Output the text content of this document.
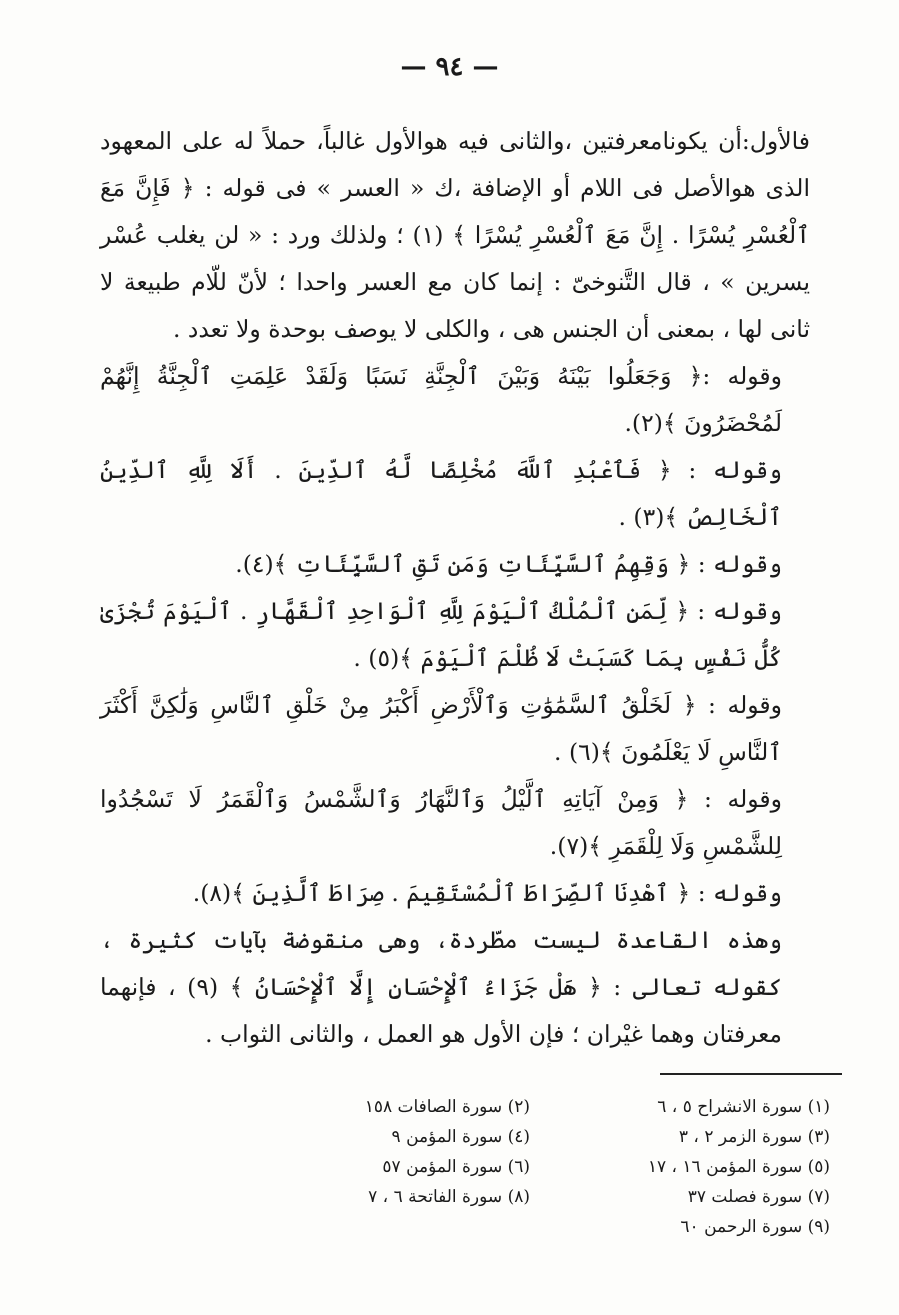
— ٩٤ —

فالأول:أن يكونامعرفتين ،والثانى فيه هوالأول غالباً، حملاً له على المعهود الذى هوالأصل فى اللام أو الإضافة ،ك « العسر » فى قوله : ﴿ فَإِنَّ مَعَ ٱلْعُسْرِ يُسْرًا . إِنَّ مَعَ ٱلْعُسْرِ يُسْرًا ﴾ (١) ؛ ولذلك ورد : « لن يغلب عُسْر يسرين » ، قال التَّنوخىّ : إنما كان مع العسر واحدا ؛ لأنّ للّام طبيعة لا ثانى لها ، بمعنى أن الجنس هى ، والكلى لا يوصف بوحدة ولا تعدد .

وقوله :﴿ وَجَعَلُوا بَيْنَهُ وَبَيْنَ ٱلْجِنَّةِ نَسَبًا وَلَقَدْ عَلِمَتِ ٱلْجِنَّةُ إِنَّهُمْ لَمُحْضَرُونَ ﴾(٢).

وقوله : ﴿ فَٱعْبُدِ ٱللَّهَ مُخْلِصًا لَّهُ ٱلدِّينَ . أَلَا لِلَّهِ ٱلدِّينُ ٱلْخَالِصُ ﴾(٣) .

وقوله : ﴿ وَقِهِمُ ٱلسَّيِّئَاتِ وَمَن تَقِ ٱلسَّيِّئَاتِ ﴾(٤).

وقوله : ﴿ لِّمَنِ ٱلْمُلْكُ ٱلْيَوْمَ لِلَّهِ ٱلْوَاحِدِ ٱلْقَهَّارِ . ٱلْيَوْمَ تُجْزَىٰ كُلُّ نَفْسٍ بِمَا كَسَبَتْ لَا ظُلْمَ ٱلْيَوْمَ ﴾(٥) .

وقوله : ﴿ لَخَلْقُ ٱلسَّمَٰوَٰتِ وَٱلْأَرْضِ أَكْبَرُ مِنْ خَلْقِ ٱلنَّاسِ وَلَٰكِنَّ أَكْثَرَ ٱلنَّاسِ لَا يَعْلَمُونَ ﴾(٦) .

وقوله : ﴿ وَمِنْ آيَاتِهِ ٱلَّيْلُ وَٱلنَّهَارُ وَٱلشَّمْسُ وَٱلْقَمَرُ لَا تَسْجُدُوا لِلشَّمْسِ وَلَا لِلْقَمَرِ ﴾(٧).

وقوله : ﴿ ٱهْدِنَا ٱلصِّرَاطَ ٱلْمُسْتَقِيمَ . صِرَاطَ ٱلَّذِينَ ﴾(٨).

وهذه القاعدة ليست مطّردة، وهى منقوضة بآيات كثيرة ، كقوله تعالى : ﴿ هَلْ جَزَاءُ ٱلْإِحْسَانِ إِلَّا ٱلْإِحْسَانُ ﴾ (٩) ، فإنهما معرفتان وهما غيْران ؛ فإن الأول هو العمل ، والثانى الثواب .

(١) سورة الانشراح ٥ ، ٦
(٢) سورة الصافات ١٥٨
(٣) سورة الزمر ٢ ، ٣
(٤) سورة المؤمن ٩
(٥) سورة المؤمن ١٦ ، ١٧
(٦) سورة المؤمن ٥٧
(٧) سورة فصلت ٣٧
(٨) سورة الفاتحة ٦ ، ٧
(٩) سورة الرحمن ٦٠
